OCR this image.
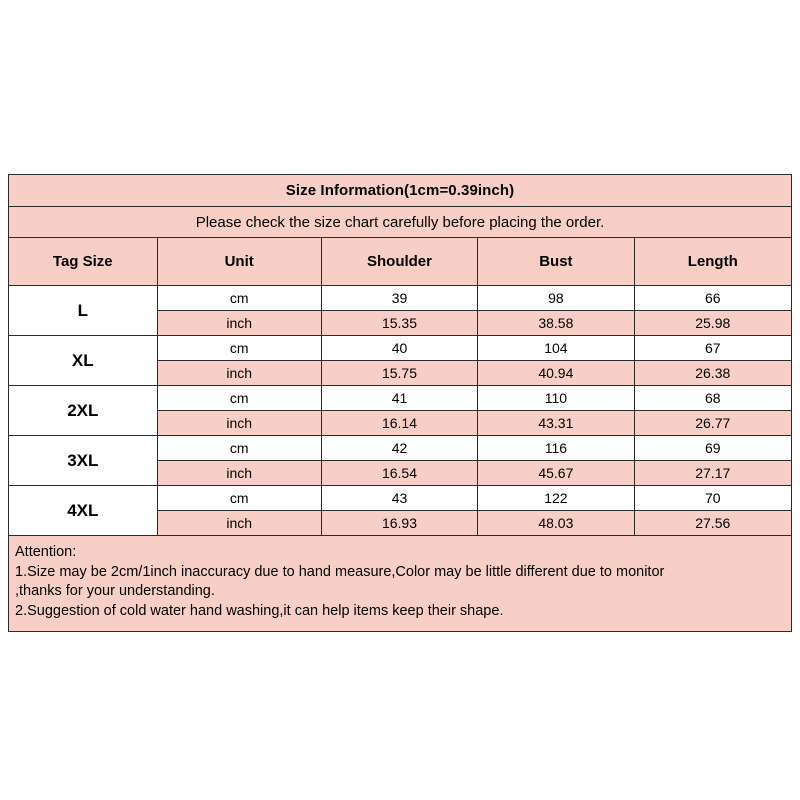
Size Information(1cm=0.39inch)
Please check the size chart carefully before placing the order.
Tag Size	Unit	Shoulder	Bust	Length
L
cm	39	98	66
inch	15.35	38.58	25.98
XL
cm	40	104	67
inch	15.75	40.94	26.38
2XL
cm	41	110	68
inch	16.14	43.31	26.77
3XL
cm	42	116	69
inch	16.54	45.67	27.17
4XL
cm	43	122	70
inch	16.93	48.03	27.56
Attention:
1.Size may be 2cm/1inch inaccuracy due to hand measure,Color may be little different due to monitor
,thanks for your understanding.
2.Suggestion of cold water hand washing,it can help items keep their shape.
